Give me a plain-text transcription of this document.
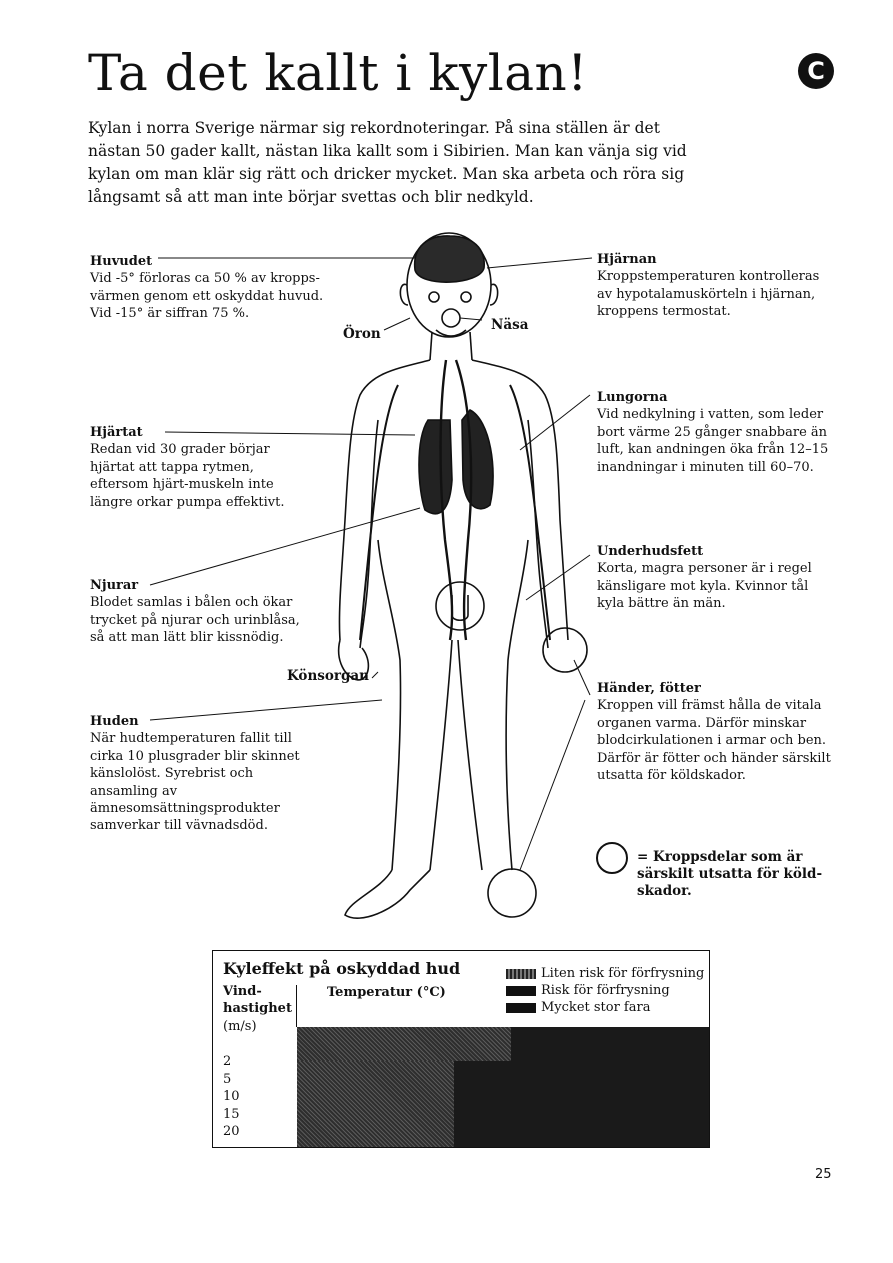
Ta det kallt i kylan!	C
Kylan i norra Sverige närmar sig rekordnoteringar. På sina ställen är det nästan 50 gader kallt, nästan lika kallt som i Sibirien. Man kan vänja sig vid kylan om man klär sig rätt och dricker mycket. Man ska arbeta och röra sig långsamt så att man inte börjar svettas och blir nedkyld.
Huvudet
Vid -5° förloras ca 50 % av kropps-värmen genom ett oskyddat huvud. Vid -15° är siffran 75 %.
Hjärtat
Redan vid 30 grader börjar hjärtat att tappa rytmen, eftersom hjärt-muskeln inte längre orkar pumpa effektivt.
Njurar
Blodet samlas i bålen och ökar trycket på njurar och urinblåsa, så att man lätt blir kissnödig.
Huden
När hudtemperaturen fallit till cirka 10 plusgrader blir skinnet känslolöst. Syrebrist och ansamling av ämnesomsättningsprodukter samverkar till vävnadsdöd.
Hjärnan
Kroppstemperaturen kontrolleras av hypotalamuskörteln i hjärnan, kroppens termostat.
Lungorna
Vid nedkylning i vatten, som leder bort värme 25 gånger snabbare än luft, kan andningen öka från 12–15 inandningar i minuten till 60–70.
Underhudsfett
Korta, magra personer är i regel känsligare mot kyla. Kvinnor tål kyla bättre än män.
Händer, fötter
Kroppen vill främst hålla de vitala organen varma. Därför minskar blodcirkulationen i armar och ben. Därför är fötter och händer särskilt utsatta för köldskador.
Öron
Näsa
Könsorgan
= Kroppsdelar som är särskilt utsatta för köld-skador.
Kyleffekt på oskyddad hud
Vind-hastighet
(m/s)
Temperatur (°C)
Liten risk för förfrysning
Risk för förfrysning
Mycket stor fara
2
5
10
15
20
25
